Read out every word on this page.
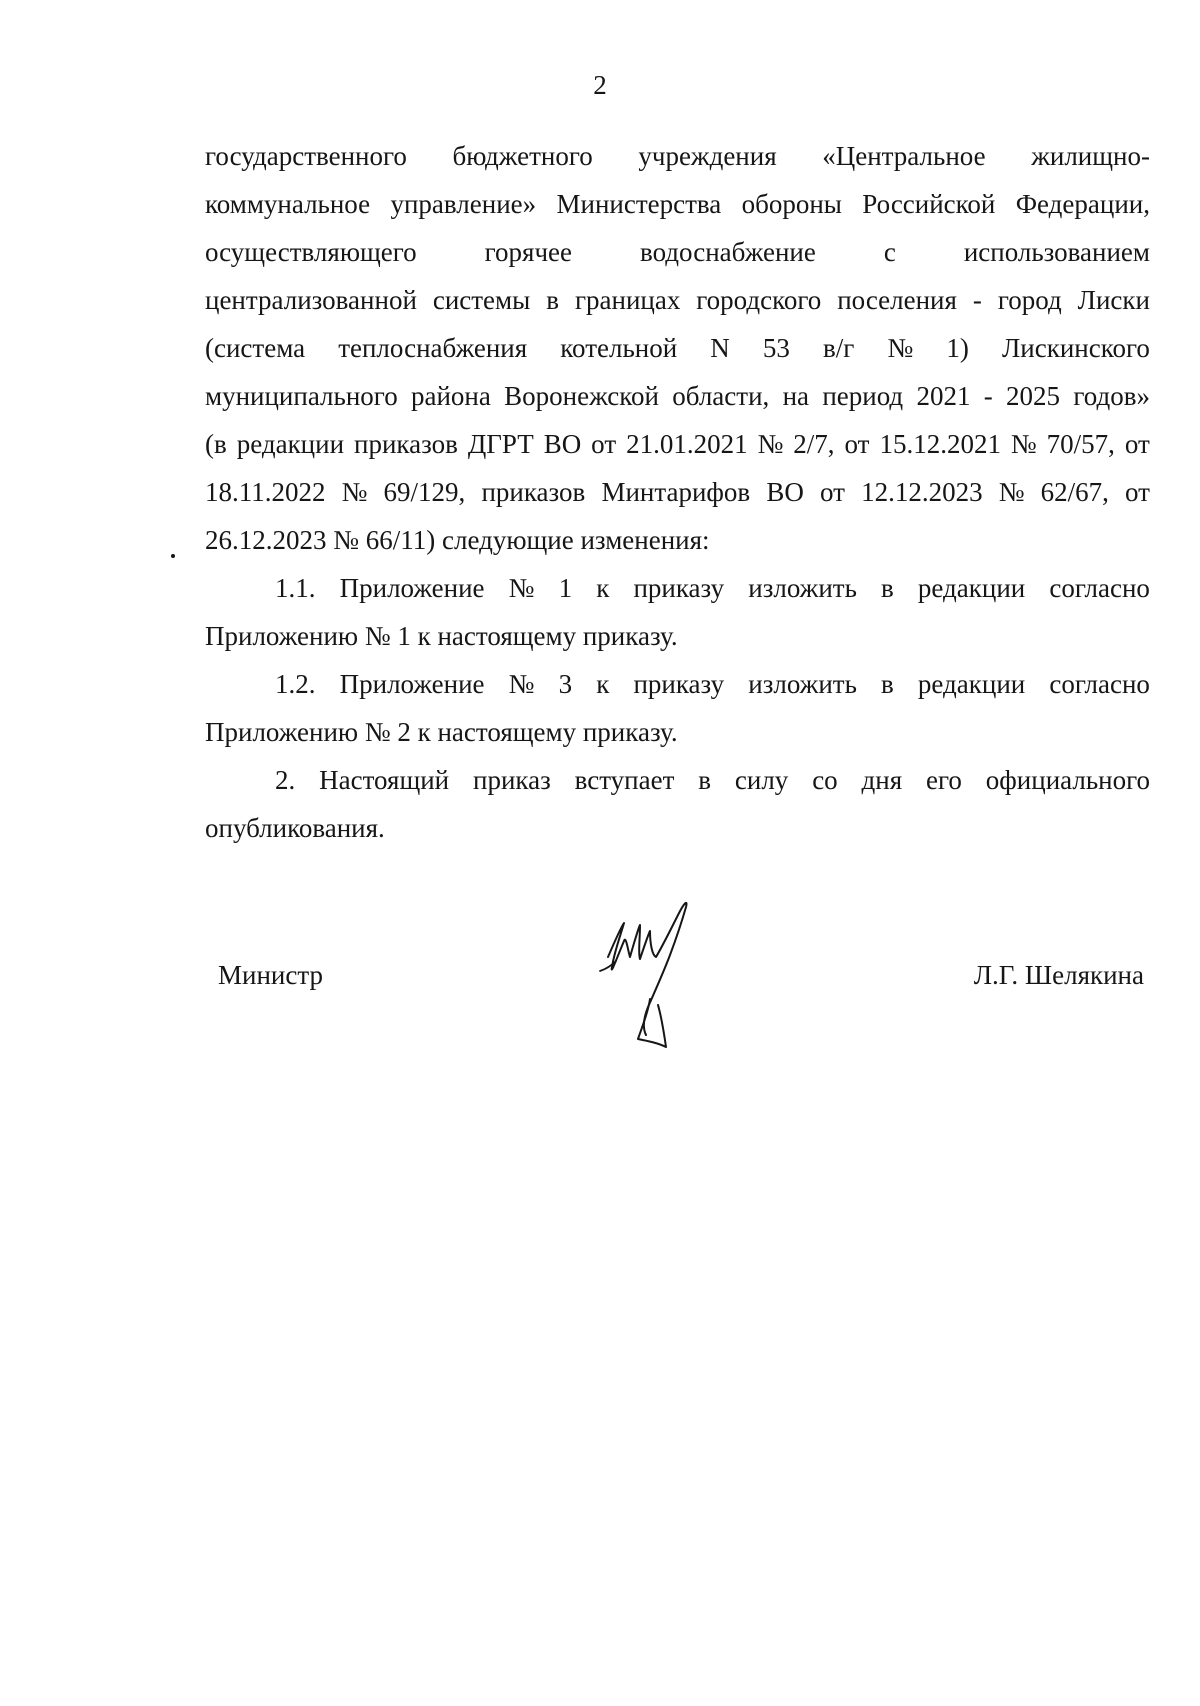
2
государственного бюджетного учреждения «Центральное жилищно-
коммунальное управление» Министерства обороны Российской Федерации,
осуществляющего	горячее	водоснабжение	с	использованием
централизованной системы в границах городского поселения - город Лиски
(система теплоснабжения котельной N 53 в/г № 1) Лискинского
муниципального района Воронежской области, на период 2021 - 2025 годов»
(в редакции приказов ДГРТ ВО от 21.01.2021 № 2/7, от 15.12.2021 № 70/57, от
18.11.2022 № 69/129, приказов Минтарифов ВО от 12.12.2023 № 62/67, от
26.12.2023 № 66/11) следующие изменения:
1.1. Приложение № 1 к приказу изложить в редакции согласно
Приложению № 1 к настоящему приказу.
1.2. Приложение № 3 к приказу изложить в редакции согласно
Приложению № 2 к настоящему приказу.
2. Настоящий приказ вступает в силу со дня его официального
опубликования.
Министр	Л.Г. Шелякина
